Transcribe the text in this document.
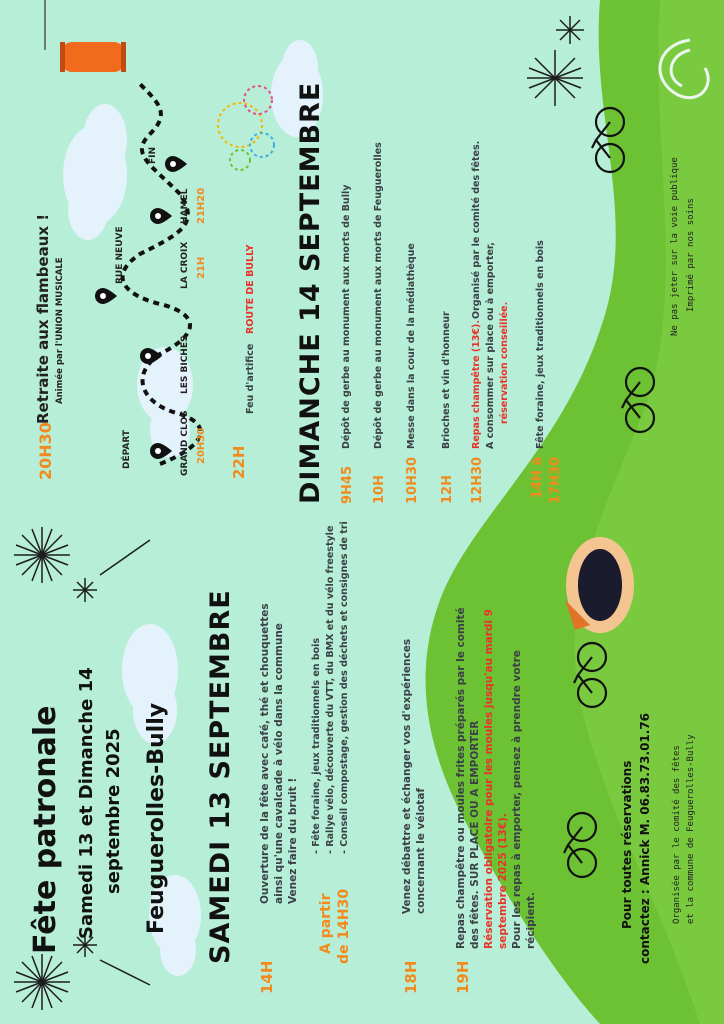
Fête patronale Samedi 13 et Dimanche 14 septembre 2025 Feuguerolles-Bully SAMEDI 13 SEPTEMBRE
14H
Ouverture de la fête avec café, thé et chouquettes ainsi qu'une cavalcade à vélo dans la commune Venez faire du bruit !
A partir de 14H30
- Fête foraine, jeux traditionnels en bois - Rallye vélo, découverte du VTT, du BMX et du vélo freestyle - Conseil compostage, gestion des déchets et consignes de tri
18H
Venez débattre et échanger vos d'expériences concernant le vélotaf
19H
Repas champêtre ou moules frites préparés par le comité des fêtes. SUR PLACE OU A EMPORTER Réservation obligatoire pour les moules jusqu'au mardi 9 septembre 2025 (13€). Pour les repas à emporter, pensez à prendre votre récipient.	Pour toutes réservations contactez : Annick M. 06.83.73.01.76 Organisée par le comité des fêtes et la commune de Feuguerolles-Bully
20H30
Retraite aux flambeaux ! Animée par l'UNION MUSICALE
DÉPART	GRAND CLOS 20H30
LES BICHES
RUE NEUVE	LA CROIX 21H
HAMEL 21H20
FIN
22H
Feu d'artifice
ROUTE DE BULLY DIMANCHE 14 SEPTEMBRE 9H45
Dépôt de gerbe au monument aux morts de Bully
10H
Dépôt de gerbe au monument aux morts de Feuguerolles
10H30
Messe dans la cour de la médiathèque
12H
Brioches et vin d'honneur
12H30
Repas champêtre (13€).
Organisé par le comité des fêtes.
A consommer sur place ou à emporter, réservation conseillée.
14H à 17H30
Fête foraine, jeux traditionnels en bois	Ne pas jeter sur la voie publique Imprimé par nos soins
